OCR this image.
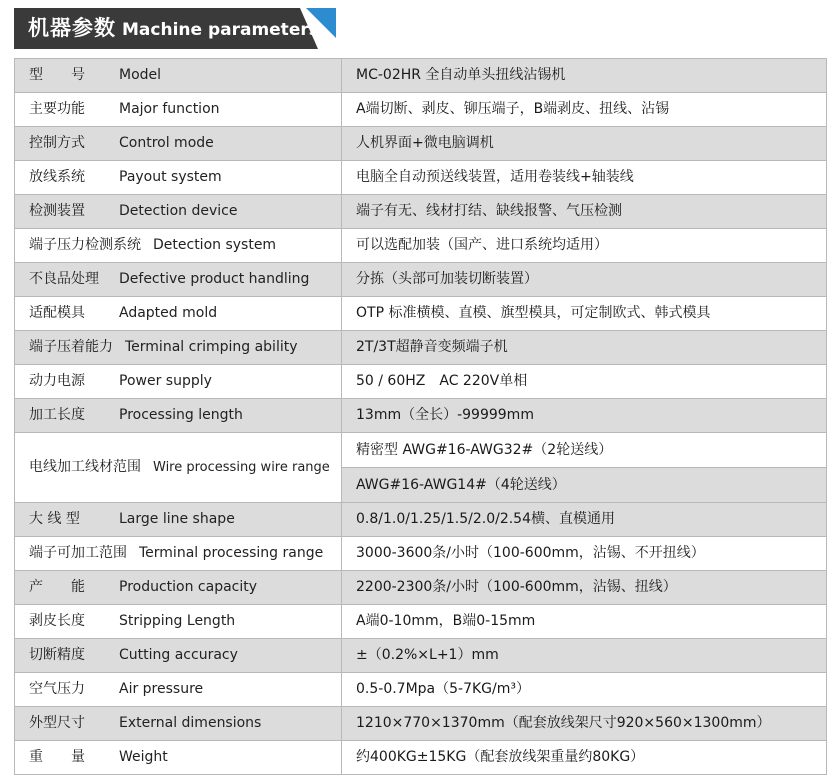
机器参数 Machine parameters
型　　号 Model	MC-02HR 全自动单头扭线沾锡机
主要功能 Major function	A端切断、剥皮、铆压端子，B端剥皮、扭线、沾锡
控制方式 Control mode	人机界面+微电脑调机
放线系统 Payout system	电脑全自动预送线装置，适用卷装线+轴装线
检测装置 Detection device	端子有无、线材打结、缺线报警、气压检测
端子压力检测系统 Detection system	可以选配加装（国产、进口系统均适用）
不良品处理 Defective product handling	分拣（头部可加装切断装置）
适配模具 Adapted mold	OTP 标准横模、直模、旗型模具，可定制欧式、韩式模具
端子压着能力 Terminal crimping ability	2T/3T超静音变频端子机
动力电源 Power supply	50 / 60HZ　AC 220V单相
加工长度 Processing length	13mm（全长）-99999mm
电线加工线材范围 Wire processing wire range	精密型 AWG#16-AWG32#（2轮送线）
	AWG#16-AWG14#（4轮送线）
大 线 型 Large line shape	0.8/1.0/1.25/1.5/2.0/2.54横、直模通用
端子可加工范围 Terminal processing range	3000-3600条/小时（100-600mm，沾锡、不开扭线）
产　　能 Production capacity	2200-2300条/小时（100-600mm，沾锡、扭线）
剥皮长度 Stripping Length	A端0-10mm，B端0-15mm
切断精度 Cutting accuracy	±（0.2%×L+1）mm
空气压力 Air pressure	0.5-0.7Mpa（5-7KG/m³）
外型尺寸 External dimensions	1210×770×1370mm（配套放线架尺寸920×560×1300mm）
重　　量 Weight	约400KG±15KG（配套放线架重量约80KG）
